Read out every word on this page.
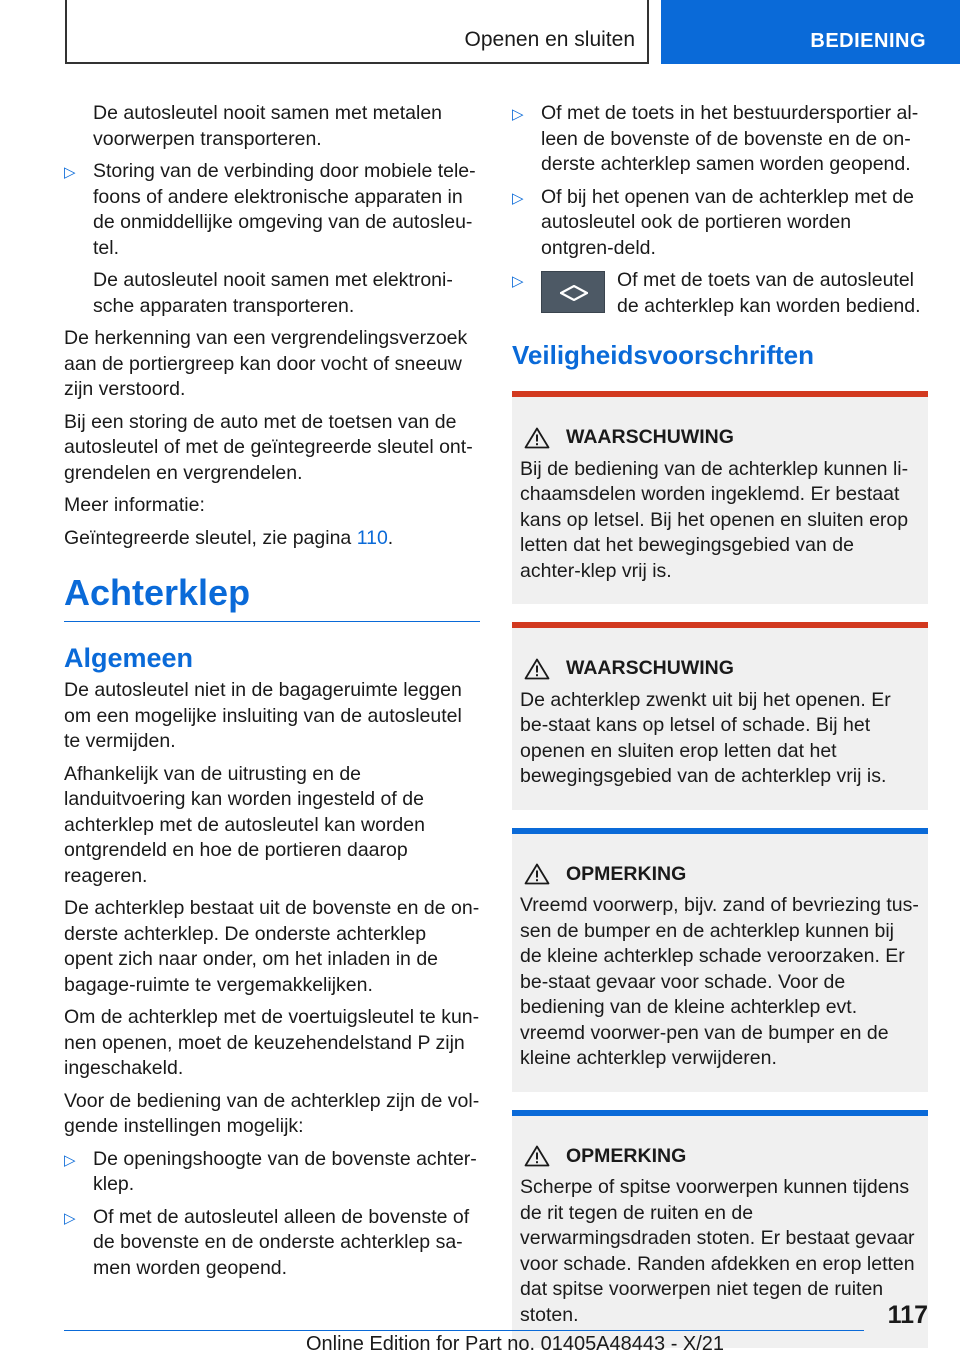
Openen en sluiten	BEDIENING

De autosleutel nooit samen met metalen voorwerpen transporteren.

▷ Storing van de verbinding door mobiele tele-foons of andere elektronische apparaten in de onmiddellijke omgeving van de autosleu-tel.

De autosleutel nooit samen met elektroni-sche apparaten transporteren.

De herkenning van een vergrendelingsverzoek aan de portiergreep kan door vocht of sneeuw zijn verstoord.

Bij een storing de auto met de toetsen van de autosleutel of met de geïntegreerde sleutel ont-grendelen en vergrendelen.

Meer informatie:

Geïntegreerde sleutel, zie pagina 110.

Achterklep
Algemeen

De autosleutel niet in de bagageruimte leggen om een mogelijke insluiting van de autosleutel te vermijden.

Afhankelijk van de uitrusting en de landuitvoering kan worden ingesteld of de achterklep met de autosleutel kan worden ontgrendeld en hoe de portieren daarop reageren.

De achterklep bestaat uit de bovenste en de on-derste achterklep. De onderste achterklep opent zich naar onder, om het inladen in de bagage-ruimte te vergemakkelijken.

Om de achterklep met de voertuigsleutel te kun-nen openen, moet de keuzehendelstand P zijn ingeschakeld.

Voor de bediening van de achterklep zijn de vol-gende instellingen mogelijk:

▷ De openingshoogte van de bovenste achter-klep.
▷ Of met de autosleutel alleen de bovenste of de bovenste en de onderste achterklep sa-men worden geopend.
▷ Of met de toets in het bestuurdersportier al-leen de bovenste of de bovenste en de on-derste achterklep samen worden geopend.
▷ Of bij het openen van de achterklep met de autosleutel ook de portieren worden ontgren-deld.
▷	Of met de toets van de autosleutel de achterklep kan worden bediend.
Veiligheidsvoorschriften
WAARSCHUWING
Bij de bediening van de achterklep kunnen li-chaamsdelen worden ingeklemd. Er bestaat kans op letsel. Bij het openen en sluiten erop letten dat het bewegingsgebied van de achter-klep vrij is.
WAARSCHUWING
De achterklep zwenkt uit bij het openen. Er be-staat kans op letsel of schade. Bij het openen en sluiten erop letten dat het bewegingsgebied van de achterklep vrij is.
OPMERKING
Vreemd voorwerp, bijv. zand of bevriezing tus-sen de bumper en de achterklep kunnen bij de kleine achterklep schade veroorzaken. Er be-staat gevaar voor schade. Voor de bediening van de kleine achterklep evt. vreemd voorwer-pen van de bumper en de kleine achterklep verwijderen.
OPMERKING
Scherpe of spitse voorwerpen kunnen tijdens de rit tegen de ruiten en de verwarmingsdraden stoten. Er bestaat gevaar voor schade. Randen afdekken en erop letten dat spitse voorwerpen niet tegen de ruiten stoten.	117
Online Edition for Part no. 01405A48443 - X/21
